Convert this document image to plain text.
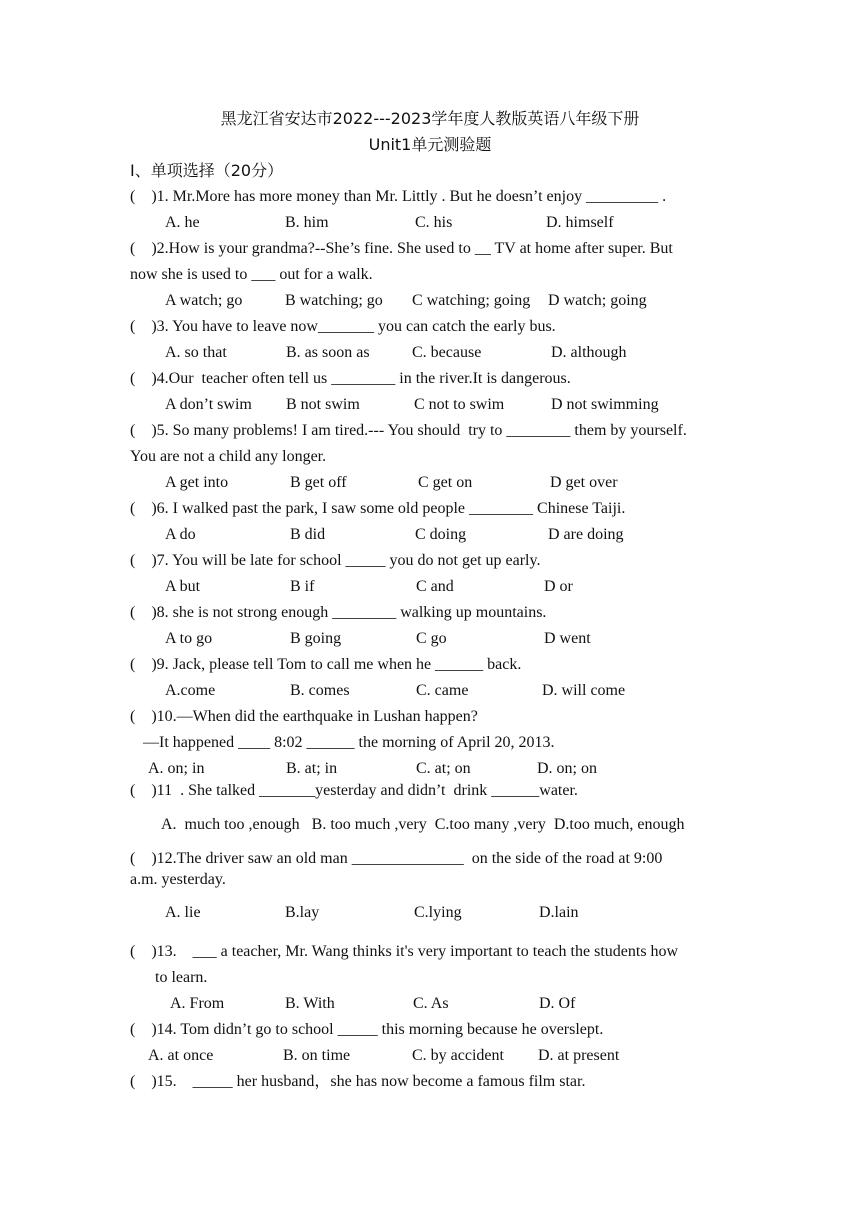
黑龙江省安达市2022---2023学年度人教版英语八年级下册
Unit1单元测验题
I、单项选择（20分）
(    )1. Mr.More has more money than Mr. Littly . But he doesn’t enjoy _________ .
A. he	B. him	C. his	D. himself
(    )2.How is your grandma?--She’s fine. She used to __ TV at home after super. But
now she is used to ___ out for a walk.
A watch; go	B watching; go C watching; going D watch; going
(    )3. You have to leave now_______ you can catch the early bus.
A. so that	B. as soon as	C. because	D. although
(    )4.Our  teacher often tell us ________ in the river.It is dangerous.
A don’t swim B not swim	C not to swim	D not swimming
(    )5. So many problems! I am tired.--- You should  try to ________ them by yourself.
You are not a child any longer.
A get into	B get off	C get on	D get over
(    )6. I walked past the park, I saw some old people ________ Chinese Taiji.
A do	B did	C doing	D are doing
(    )7. You will be late for school _____ you do not get up early.
A but	B if	C and	D or
(    )8. she is not strong enough ________ walking up mountains.
A to go	B going	C go	D went
(    )9. Jack, please tell Tom to call me when he ______ back.
A.come	B. comes	C. came	D. will come
(    )10.—When did the earthquake in Lushan happen?
—It happened ____ 8:02 ______ the morning of April 20, 2013.
A. on; in	B. at; in	C. at; on	D. on; on
(    )11  . She talked _______yesterday and didn’t  drink ______water.
A.  much too ,enough   B. too much ,very  C.too many ,very  D.too much, enough
(    )12.The driver saw an old man ______________  on the side of the road at 9:00
a.m. yesterday.
A. lie	B.lay	C.lying	D.lain
(    )13.    ___ a teacher, Mr. Wang thinks it's very important to teach the students how
to learn.
A. From	B. With	C. As	D. Of
(    )14. Tom didn’t go to school _____ this morning because he overslept.
A. at once	B. on time	C. by accident D. at present
(    )15.    _____ her husband，she has now become a famous film star.
